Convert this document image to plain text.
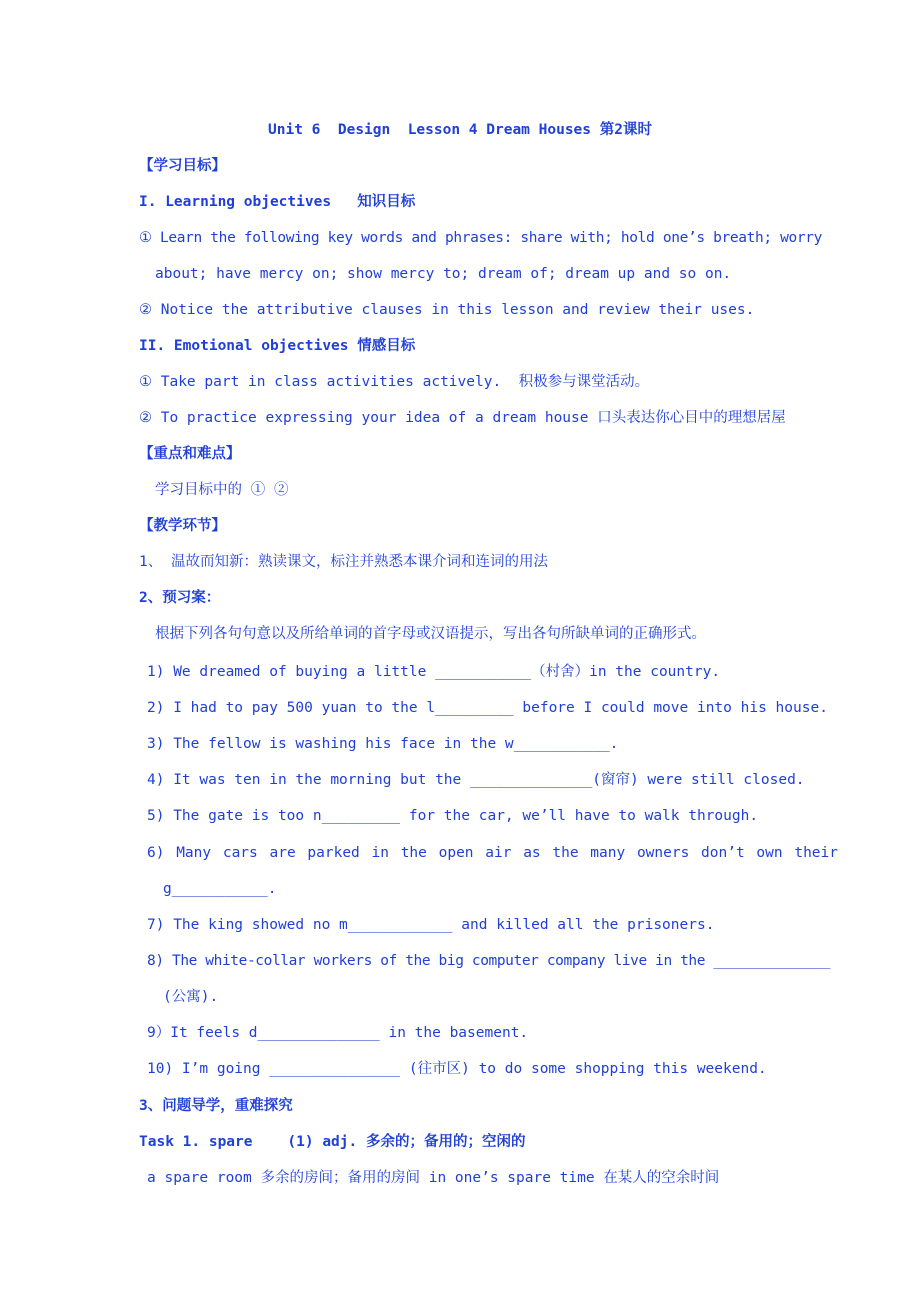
Unit 6  Design  Lesson 4 Dream Houses 第2课时
【学习目标】
I. Learning objectives   知识目标
① Learn the following key words and phrases: share with; hold one’s breath; worry
about; have mercy on; show mercy to; dream of; dream up and so on.
② Notice the attributive clauses in this lesson and review their uses.
II. Emotional objectives 情感目标
① Take part in class activities actively.  积极参与课堂活动。
② To practice expressing your idea of a dream house 口头表达你心目中的理想居屋
【重点和难点】
学习目标中的 ① ②
【教学环节】
1、 温故而知新：熟读课文，标注并熟悉本课介词和连词的用法
2、预习案：
根据下列各句句意以及所给单词的首字母或汉语提示，写出各句所缺单词的正确形式。
1) We dreamed of buying a little ___________（村舍）in the country.
2) I had to pay 500 yuan to the l_________ before I could move into his house.
3) The fellow is washing his face in the w___________.
4) It was ten in the morning but the ______________(窗帘) were still closed.
5) The gate is too n_________ for the car, we’ll have to walk through.
6) Many cars are parked in the open air as the many owners don’t own their
g___________.
7) The king showed no m____________ and killed all the prisoners.
8) The white-collar workers of the big computer company live in the ______________
(公寓).
9）It feels d______________ in the basement.
10) I’m going _______________ (往市区) to do some shopping this weekend.
3、问题导学，重难探究
Task 1. spare    (1) adj. 多余的；备用的；空闲的
a spare room 多余的房间；备用的房间 in one’s spare time 在某人的空余时间
